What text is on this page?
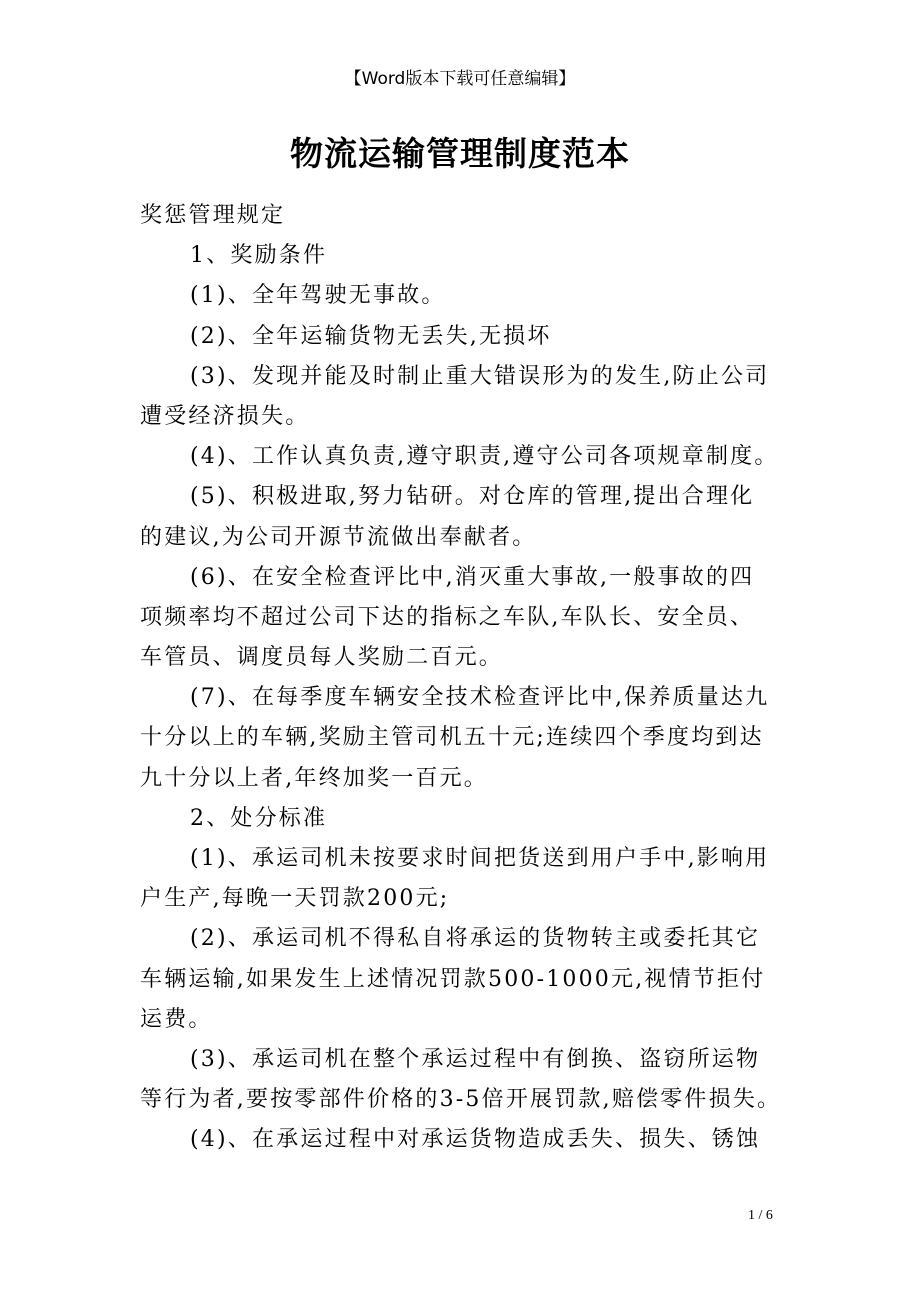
【Word版本下载可任意编辑】
物流运输管理制度范本
奖惩管理规定
1、奖励条件
(1)、全年驾驶无事故。
(2)、全年运输货物无丢失,无损坏
(3)、发现并能及时制止重大错误形为的发生,防止公司
遭受经济损失。
(4)、工作认真负责,遵守职责,遵守公司各项规章制度。
(5)、积极进取,努力钻研。对仓库的管理,提出合理化
的建议,为公司开源节流做出奉献者。
(6)、在安全检查评比中,消灭重大事故,一般事故的四
项频率均不超过公司下达的指标之车队,车队长、安全员、
车管员、调度员每人奖励二百元。
(7)、在每季度车辆安全技术检查评比中,保养质量达九
十分以上的车辆,奖励主管司机五十元;连续四个季度均到达
九十分以上者,年终加奖一百元。
2、处分标准
(1)、承运司机未按要求时间把货送到用户手中,影响用
户生产,每晚一天罚款200元;
(2)、承运司机不得私自将承运的货物转主或委托其它
车辆运输,如果发生上述情况罚款500-1000元,视情节拒付
运费。
(3)、承运司机在整个承运过程中有倒换、盗窃所运物
等行为者,要按零部件价格的3-5倍开展罚款,赔偿零件损失。
(4)、在承运过程中对承运货物造成丢失、损失、锈蚀
1 / 6
